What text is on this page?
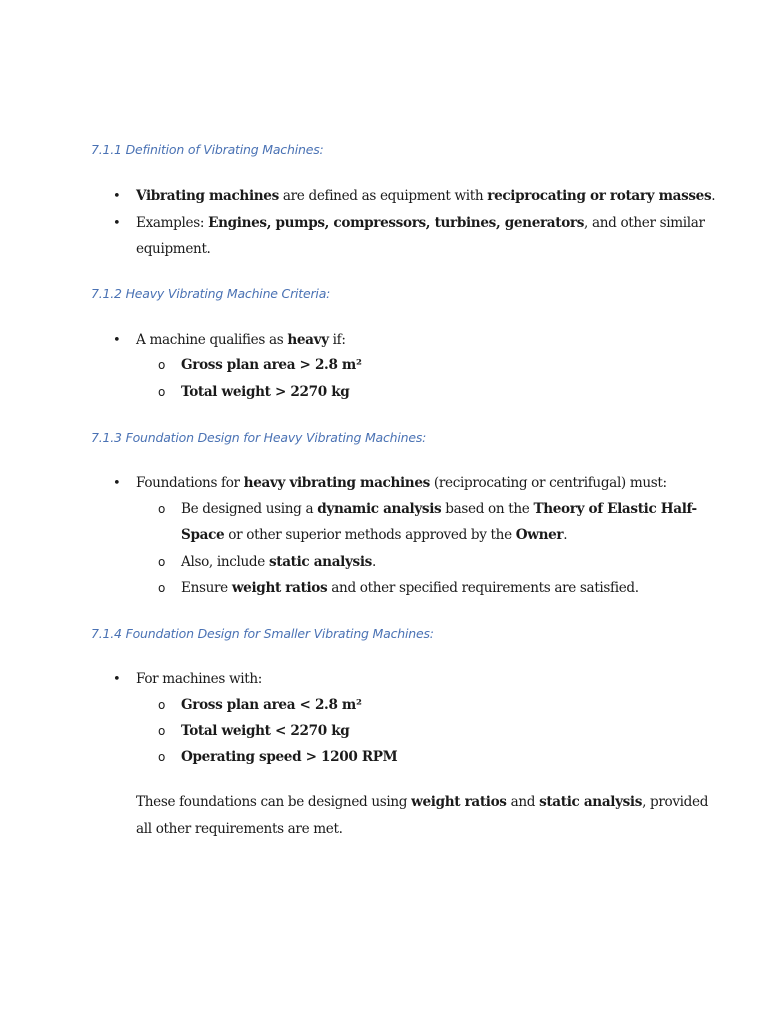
7.1.1 Definition of Vibrating Machines:
• Vibrating machines are defined as equipment with reciprocating or rotary masses.
• Examples: Engines, pumps, compressors, turbines, generators, and other similar
equipment.
7.1.2 Heavy Vibrating Machine Criteria:
• A machine qualifies as heavy if:
o Gross plan area > 2.8 m²
o Total weight > 2270 kg
7.1.3 Foundation Design for Heavy Vibrating Machines:
• Foundations for heavy vibrating machines (reciprocating or centrifugal) must:
o Be designed using a dynamic analysis based on the Theory of Elastic Half-
Space or other superior methods approved by the Owner.
o Also, include static analysis.
o Ensure weight ratios and other specified requirements are satisfied.
7.1.4 Foundation Design for Smaller Vibrating Machines:
• For machines with:
o Gross plan area < 2.8 m²
o Total weight < 2270 kg
o Operating speed > 1200 RPM
These foundations can be designed using weight ratios and static analysis, provided
all other requirements are met.
